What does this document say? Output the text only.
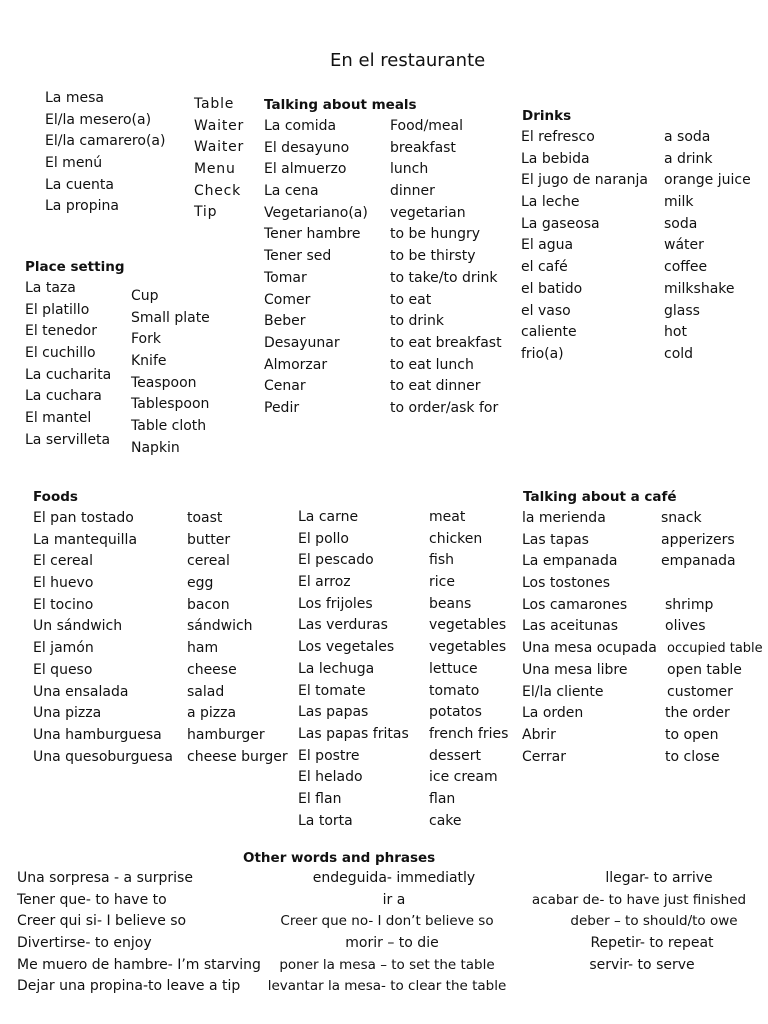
En el restaurante
La mesa
El/la mesero(a)
El/la camarero(a)
El menú
La cuenta
La propina
Table
Waiter
Waiter
Menu
Check
Tip
Place setting
La taza
El platillo
El tenedor
El cuchillo
La cucharita
La cuchara
El mantel
La servilleta
Cup
Small plate
Fork
Knife
Teaspoon
Tablespoon
Table cloth
Napkin
Talking about meals
La comida
El desayuno
El almuerzo
La cena
Vegetariano(a)
Tener hambre
Tener sed
Tomar
Comer
Beber
Desayunar
Almorzar
Cenar
Pedir
Food/meal
breakfast
lunch
dinner
vegetarian
to be hungry
to be thirsty
to take/to drink
to eat
to drink
to eat breakfast
to eat lunch
to eat dinner
to order/ask for
Drinks
El refresco
La bebida
El jugo de naranja
La leche
La gaseosa
El agua
el café
el batido
el vaso
caliente
frio(a)
a soda
a drink
orange juice
milk
soda
wáter
coffee
milkshake
glass
hot
cold
Foods
El pan tostado
La mantequilla
El cereal
El huevo
El tocino
Un sándwich
El jamón
El queso
Una ensalada
Una pizza
Una hamburguesa
Una quesoburguesa
toast
butter
cereal
egg
bacon
sándwich
ham
cheese
salad
a pizza
hamburger
cheese burger
La carne
El pollo
El pescado
El arroz
Los frijoles
Las verduras
Los vegetales
La lechuga
El tomate
Las papas
Las papas fritas
El postre
El helado
El flan
La torta
meat
chicken
fish
rice
beans
vegetables
vegetables
lettuce
tomato
potatos
french fries
dessert
ice cream
flan
cake
Talking about a café
la merienda
Las tapas
La empanada
Los tostones
Los camarones
Las aceitunas
Una mesa ocupada
Una mesa libre
El/la cliente
La orden
Abrir
Cerrar
snack
apperizers
empanada
shrimp
olives
occupied table
open table
customer
the order
to open
to close
Other words and phrases
Una sorpresa - a surprise
Tener que- to have to
Creer qui si- I believe so
Divertirse- to enjoy
Me muero de hambre- I’m starving
Dejar una propina-to leave a tip
endeguida- immediatly
ir a
Creer que no- I don’t believe so
morir – to die
poner la mesa – to set the table
levantar la mesa- to clear the table
llegar- to arrive
acabar de- to have just finished
deber – to should/to owe
Repetir- to repeat
servir- to serve
